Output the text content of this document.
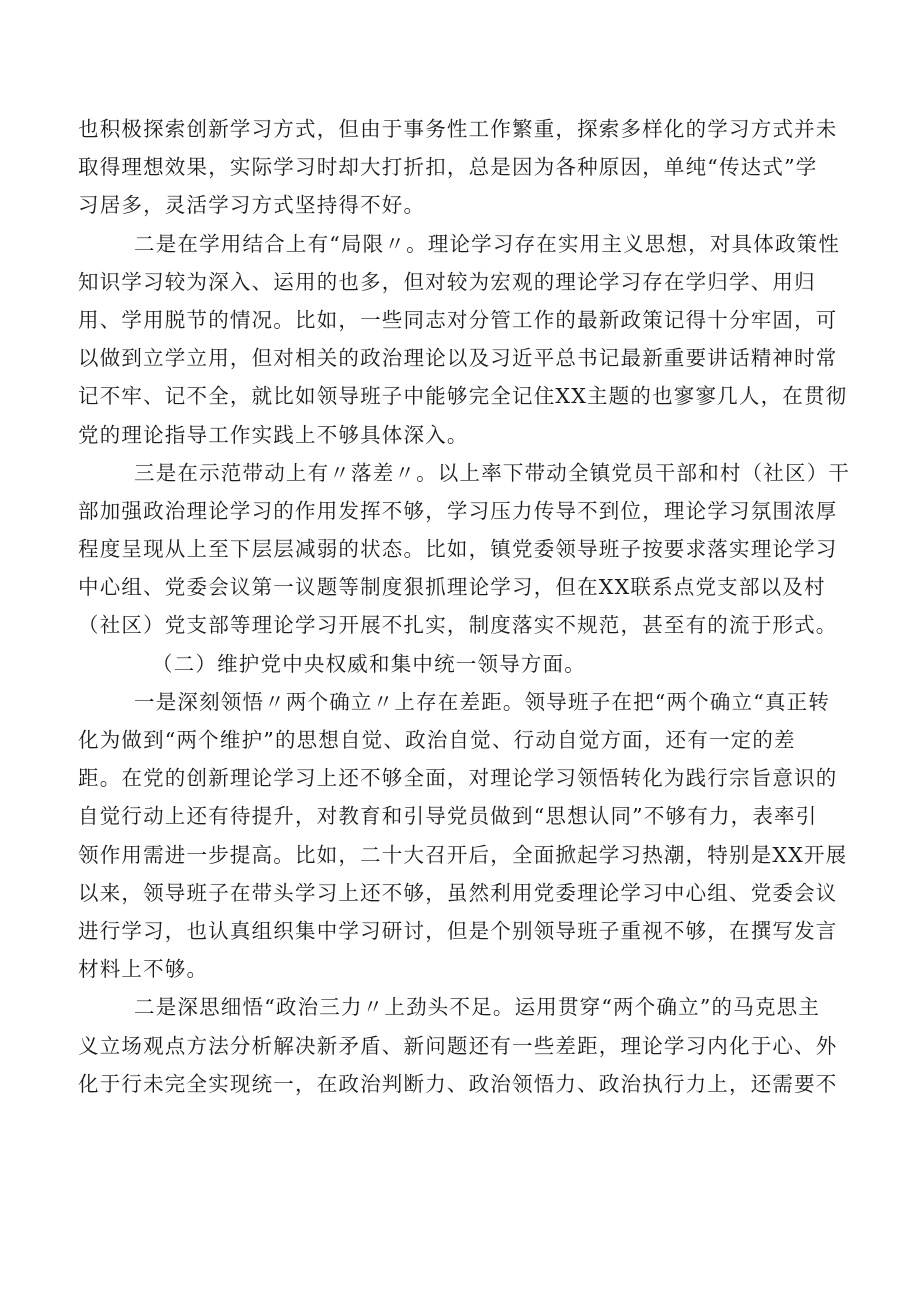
也积极探索创新学习方式，但由于事务性工作繁重，探索多样化的学习方式并未
取得理想效果，实际学习时却大打折扣，总是因为各种原因，单纯“传达式”学
习居多，灵活学习方式坚持得不好。
二是在学用结合上有“局限〃。理论学习存在实用主义思想，对具体政策性
知识学习较为深入、运用的也多，但对较为宏观的理论学习存在学归学、用归
用、学用脱节的情况。比如，一些同志对分管工作的最新政策记得十分牢固，可
以做到立学立用，但对相关的政治理论以及习近平总书记最新重要讲话精神时常
记不牢、记不全，就比如领导班子中能够完全记住XX主题的也寥寥几人，在贯彻
党的理论指导工作实践上不够具体深入。
三是在示范带动上有〃落差〃。以上率下带动全镇党员干部和村（社区）干
部加强政治理论学习的作用发挥不够，学习压力传导不到位，理论学习氛围浓厚
程度呈现从上至下层层减弱的状态。比如，镇党委领导班子按要求落实理论学习
中心组、党委会议第一议题等制度狠抓理论学习，但在XX联系点党支部以及村
（社区）党支部等理论学习开展不扎实，制度落实不规范，甚至有的流于形式。
（二）维护党中央权威和集中统一领导方面。
一是深刻领悟〃两个确立〃上存在差距。领导班子在把“两个确立“真正转
化为做到“两个维护”的思想自觉、政治自觉、行动自觉方面，还有一定的差
距。在党的创新理论学习上还不够全面，对理论学习领悟转化为践行宗旨意识的
自觉行动上还有待提升，对教育和引导党员做到“思想认同”不够有力，表率引
领作用需进一步提高。比如，二十大召开后，全面掀起学习热潮，特别是XX开展
以来，领导班子在带头学习上还不够，虽然利用党委理论学习中心组、党委会议
进行学习，也认真组织集中学习研讨，但是个别领导班子重视不够，在撰写发言
材料上不够。
二是深思细悟“政治三力〃上劲头不足。运用贯穿“两个确立”的马克思主
义立场观点方法分析解决新矛盾、新问题还有一些差距，理论学习内化于心、外
化于行未完全实现统一，在政治判断力、政治领悟力、政治执行力上，还需要不
